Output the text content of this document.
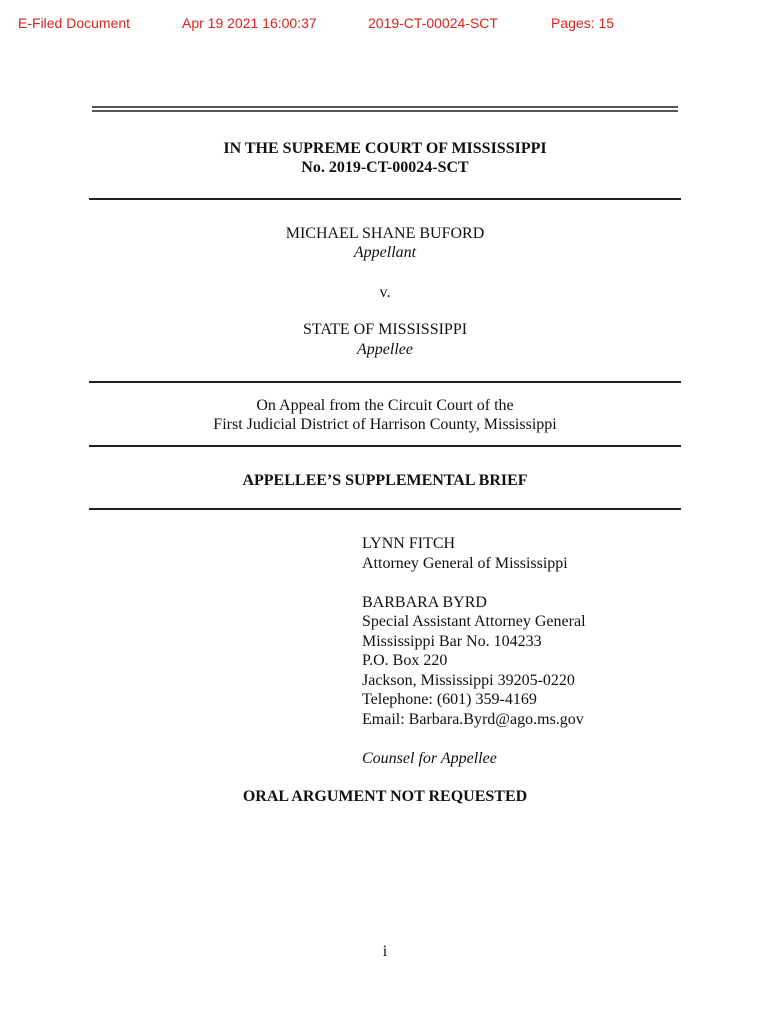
E-Filed Document	Apr 19 2021 16:00:37	2019-CT-00024-SCT	Pages: 15
IN THE SUPREME COURT OF MISSISSIPPI
No. 2019-CT-00024-SCT
MICHAEL SHANE BUFORD
Appellant
v.
STATE OF MISSISSIPPI
Appellee
On Appeal from the Circuit Court of the
First Judicial District of Harrison County, Mississippi
APPELLEE’S SUPPLEMENTAL BRIEF
LYNN FITCH
Attorney General of Mississippi
BARBARA BYRD
Special Assistant Attorney General
Mississippi Bar No. 104233
P.O. Box 220
Jackson, Mississippi 39205-0220
Telephone: (601) 359-4169
Email: Barbara.Byrd@ago.ms.gov
Counsel for Appellee
ORAL ARGUMENT NOT REQUESTED
i
